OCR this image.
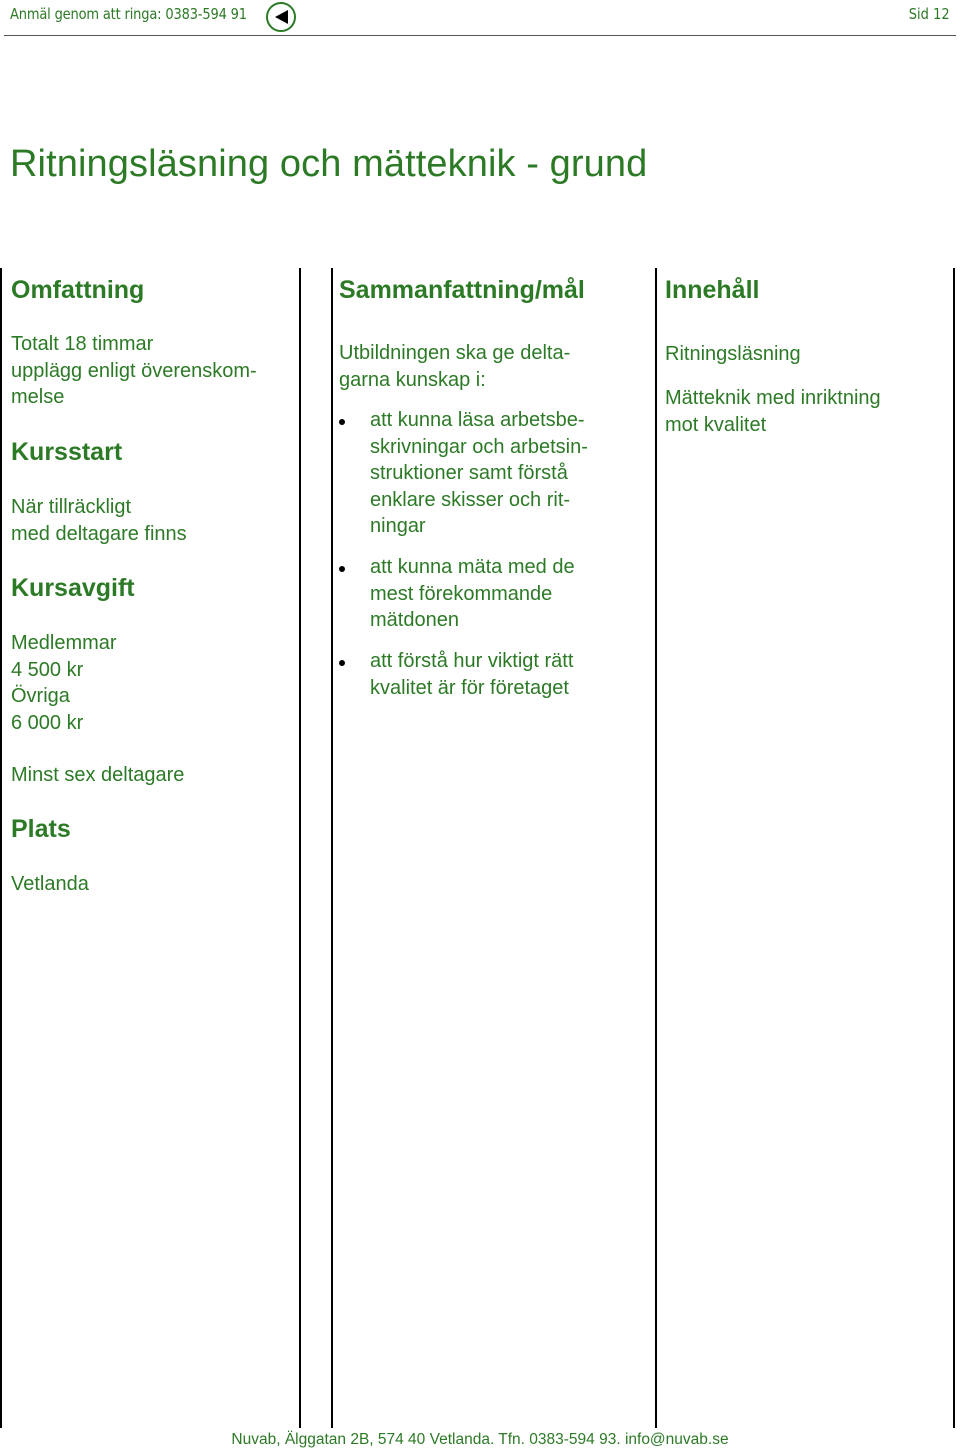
Anmäl genom att ringa: 0383-594 91	Sid 12
Ritningsläsning och mätteknik - grund
Omfattning
Totalt 18 timmar
upplägg enligt överenskom-
melse
Kursstart
När tillräckligt
med deltagare finns
Kursavgift
Medlemmar
4 500 kr
Övriga
6 000 kr
Minst sex deltagare
Plats
Vetlanda
Sammanfattning/mål
Utbildningen ska ge delta-
garna kunskap i:
att kunna läsa arbetsbe-
skrivningar och arbetsin-
struktioner samt förstå
enklare skisser och rit-
ningar
att kunna mäta med de
mest förekommande
mätdonen
att förstå hur viktigt rätt
kvalitet är för företaget
Innehåll
Ritningsläsning
Mätteknik med inriktning
mot kvalitet
Nuvab, Älggatan 2B, 574 40 Vetlanda. Tfn. 0383-594 93. info@nuvab.se
